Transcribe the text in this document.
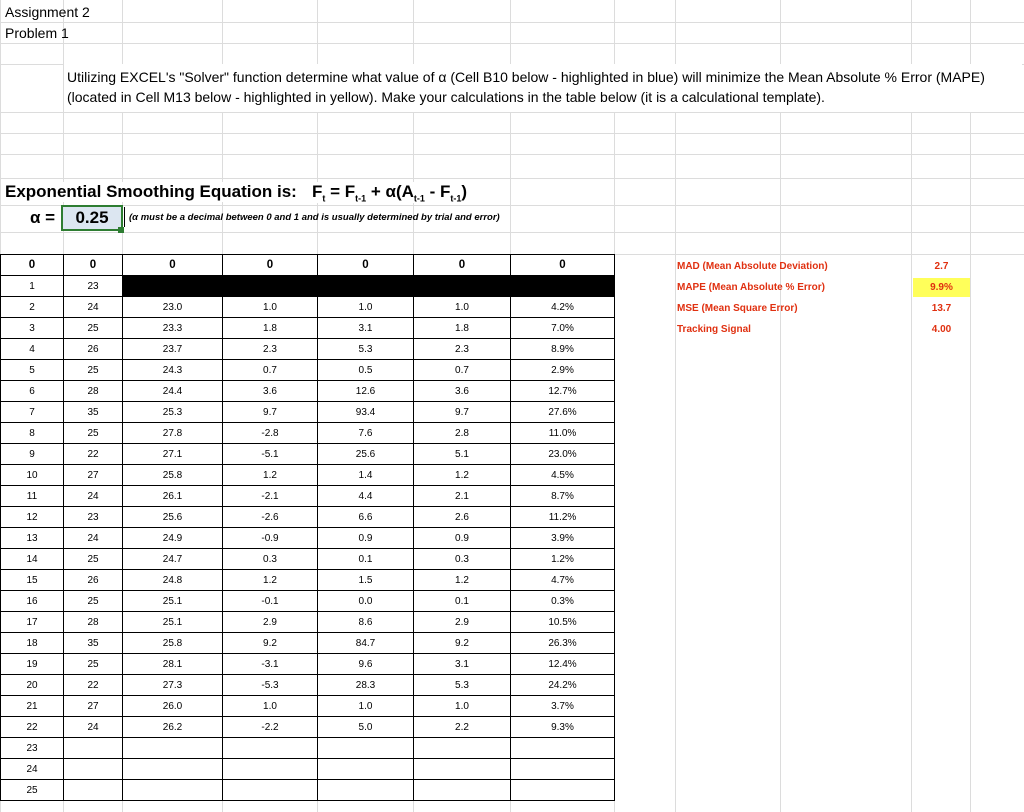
Assignment 2
Problem 1
Utilizing EXCEL's "Solver" function determine what value of α (Cell B10 below - highlighted in blue) will minimize the Mean Absolute % Error (MAPE)
(located in Cell M13 below - highlighted in yellow). Make your calculations in the table below (it is a calculational template).
Exponential Smoothing Equation is: $F_t = F_{t-1} + \alpha(A_{t-1} - F_{t-1})$
α =	0.25	(α must be a decimal between 0 and 1 and is usually determined by trial and error)
0	0	0	0	0	0	0
1	23					
2	24	23.0	1.0	1.0	1.0	4.2%
3	25	23.3	1.8	3.1	1.8	7.0%
4	26	23.7	2.3	5.3	2.3	8.9%
5	25	24.3	0.7	0.5	0.7	2.9%
6	28	24.4	3.6	12.6	3.6	12.7%
7	35	25.3	9.7	93.4	9.7	27.6%
8	25	27.8	-2.8	7.6	2.8	11.0%
9	22	27.1	-5.1	25.6	5.1	23.0%
10	27	25.8	1.2	1.4	1.2	4.5%
11	24	26.1	-2.1	4.4	2.1	8.7%
12	23	25.6	-2.6	6.6	2.6	11.2%
13	24	24.9	-0.9	0.9	0.9	3.9%
14	25	24.7	0.3	0.1	0.3	1.2%
15	26	24.8	1.2	1.5	1.2	4.7%
16	25	25.1	-0.1	0.0	0.1	0.3%
17	28	25.1	2.9	8.6	2.9	10.5%
18	35	25.8	9.2	84.7	9.2	26.3%
19	25	28.1	-3.1	9.6	3.1	12.4%
20	22	27.3	-5.3	28.3	5.3	24.2%
21	27	26.0	1.0	1.0	1.0	3.7%
22	24	26.2	-2.2	5.0	2.2	9.3%
23						
24						
25						
MAD (Mean Absolute Deviation)	2.7
MAPE (Mean Absolute % Error)	9.9%
MSE (Mean Square Error)	13.7
Tracking Signal	4.00
